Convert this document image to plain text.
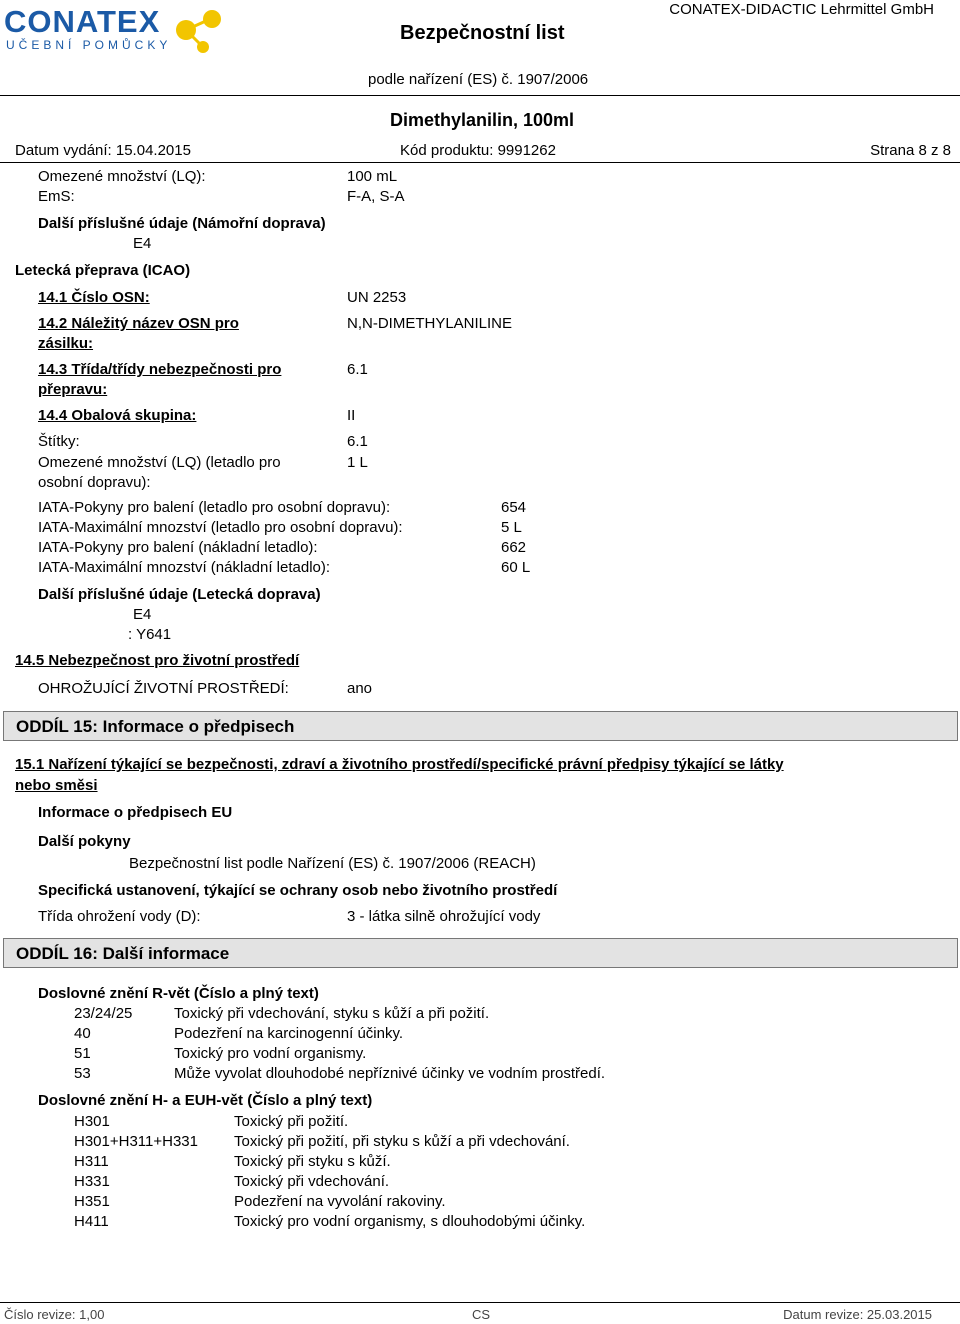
CONATEX
UČEBNÍ POMŮCKY
Bezpečnostní list
CONATEX-DIDACTIC Lehrmittel GmbH
podle nařízení (ES) č. 1907/2006
Dimethylanilin, 100ml
Datum vydání: 15.04.2015	Kód produktu: 9991262	Strana 8 z 8
Omezené množství (LQ):	100 mL
EmS:	F-A, S-A
Další příslušné údaje (Námořní doprava)
E4
Letecká přeprava (ICAO)
14.1 Číslo OSN:	UN 2253
14.2 Náležitý název OSN pro
zásilku:
N,N-DIMETHYLANILINE
14.3 Třída/třídy nebezpečnosti pro
přepravu:
6.1
14.4 Obalová skupina:	II
Štítky:	6.1
Omezené množství (LQ) (letadlo pro
osobní dopravu):
1 L
IATA-Pokyny pro balení (letadlo pro osobní dopravu):	654
IATA-Maximální mnozství (letadlo pro osobní dopravu):	5 L
IATA-Pokyny pro balení (nákladní letadlo):	662
IATA-Maximální mnozství (nákladní letadlo):	60 L
Další příslušné údaje (Letecká doprava)
E4
: Y641
14.5 Nebezpečnost pro životní prostředí
OHROŽUJÍCÍ ŽIVOTNÍ PROSTŘEDÍ:	ano
ODDÍL 15: Informace o předpisech
15.1 Nařízení týkající se bezpečnosti, zdraví a životního prostředí/specifické právní předpisy týkající se látky
nebo směsi
Informace o předpisech EU
Další pokyny
Bezpečnostní list podle Nařízení (ES) č. 1907/2006 (REACH)
Specifická ustanovení, týkající se ochrany osob nebo životního prostředí
Třída ohrožení vody (D):	3 - látka silně ohrožující vody
ODDÍL 16: Další informace
Doslovné znění R-vět (Číslo a plný text)
23/24/25	Toxický při vdechování, styku s kůží a při požití.
40	Podezření na karcinogenní účinky.
51	Toxický pro vodní organismy.
53	Může vyvolat dlouhodobé nepříznivé účinky ve vodním prostředí.
Doslovné znění H- a EUH-vět (Číslo a plný text)
H301	Toxický při požití.
H301+H311+H331 Toxický při požití, při styku s kůží a při vdechování.
H311	Toxický při styku s kůží.
H331	Toxický při vdechování.
H351	Podezření na vyvolání rakoviny.
H411	Toxický pro vodní organismy, s dlouhodobými účinky.
Číslo revize: 1,00	CS	Datum revize: 25.03.2015
